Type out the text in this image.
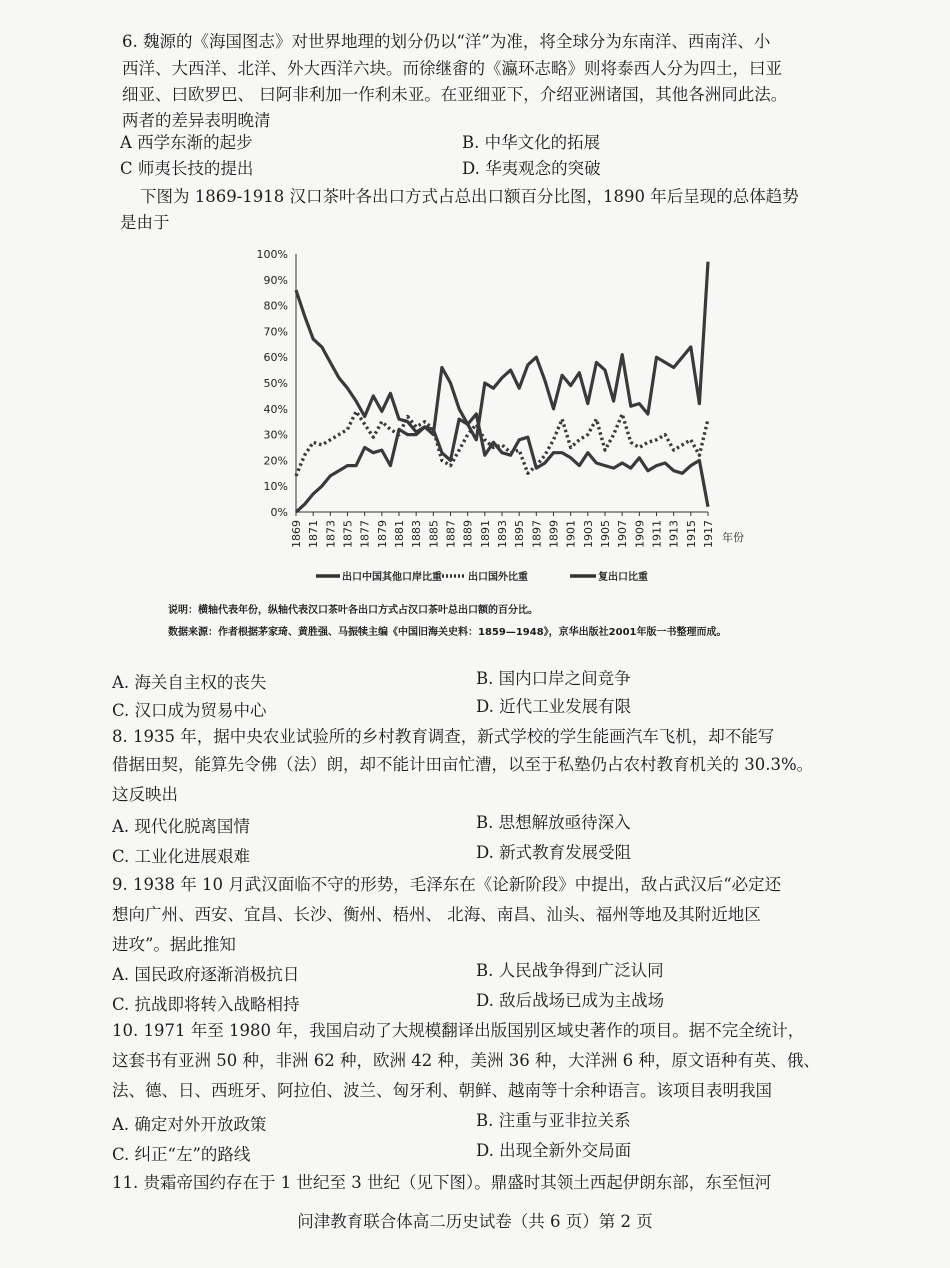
6. 魏源的《海国图志》对世界地理的划分仍以“洋”为准，将全球分为东南洋、西南洋、小
西洋、大西洋、北洋、外大西洋六块。而徐继畬的《瀛环志略》则将泰西人分为四土，曰亚
细亚、曰欧罗巴、 曰阿非利加一作利未亚。在亚细亚下，介绍亚洲诸国，其他各洲同此法。
两者的差异表明晚清
A 西学东渐的起步	B. 中华文化的拓展
C 师夷长技的提出	D. 华夷观念的突破
下图为 1869-1918 汉口茶叶各出口方式占总出口额百分比图，1890 年后呈现的总体趋势
是由于
0%
10%
20%
30%
40%
50%
60%
70%
80%
90%
100%
1869 1871 1873 1875 1877 1879 1881 1883 1885 1887 1889 1891 1893 1895 1897 1899 1901 1903 1905 1907 1909 1911 1913 1915 1917 年份
出口中国其他口岸比重	出口国外比重	复出口比重
说明：横轴代表年份，纵轴代表汉口茶叶各出口方式占汉口茶叶总出口额的百分比。
数据来源：作者根据茅家琦、黄胜强、马振犊主编《中国旧海关史料：1859—1948》，京华出版社2001年版一书整理而成。
A. 海关自主权的丧失	B. 国内口岸之间竞争
C. 汉口成为贸易中心	D. 近代工业发展有限
8. 1935 年，据中央农业试验所的乡村教育调查，新式学校的学生能画汽车飞机，却不能写
借据田契，能算先令佛（法）朗，却不能计田亩忙漕，以至于私塾仍占农村教育机关的 30.3%。
这反映出
A. 现代化脱离国情	B. 思想解放亟待深入
C. 工业化进展艰难	D. 新式教育发展受阻
9. 1938 年 10 月武汉面临不守的形势，毛泽东在《论新阶段》中提出，敌占武汉后“必定还
想向广州、西安、宜昌、长沙、衡州、梧州、 北海、南昌、汕头、福州等地及其附近地区
进攻”。据此推知
A. 国民政府逐渐消极抗日	B. 人民战争得到广泛认同
C. 抗战即将转入战略相持	D. 敌后战场已成为主战场
10. 1971 年至 1980 年，我国启动了大规模翻译出版国别区域史著作的项目。据不完全统计，
这套书有亚洲 50 种，非洲 62 种，欧洲 42 种，美洲 36 种，大洋洲 6 种，原文语种有英、俄、
法、德、日、西班牙、阿拉伯、波兰、匈牙利、朝鲜、越南等十余种语言。该项目表明我国
A. 确定对外开放政策	B. 注重与亚非拉关系
C. 纠正“左”的路线	D. 出现全新外交局面
11. 贵霜帝国约存在于 1 世纪至 3 世纪（见下图）。鼎盛时其领土西起伊朗东部，东至恒河
问津教育联合体高二历史试卷（共 6 页）第 2 页
